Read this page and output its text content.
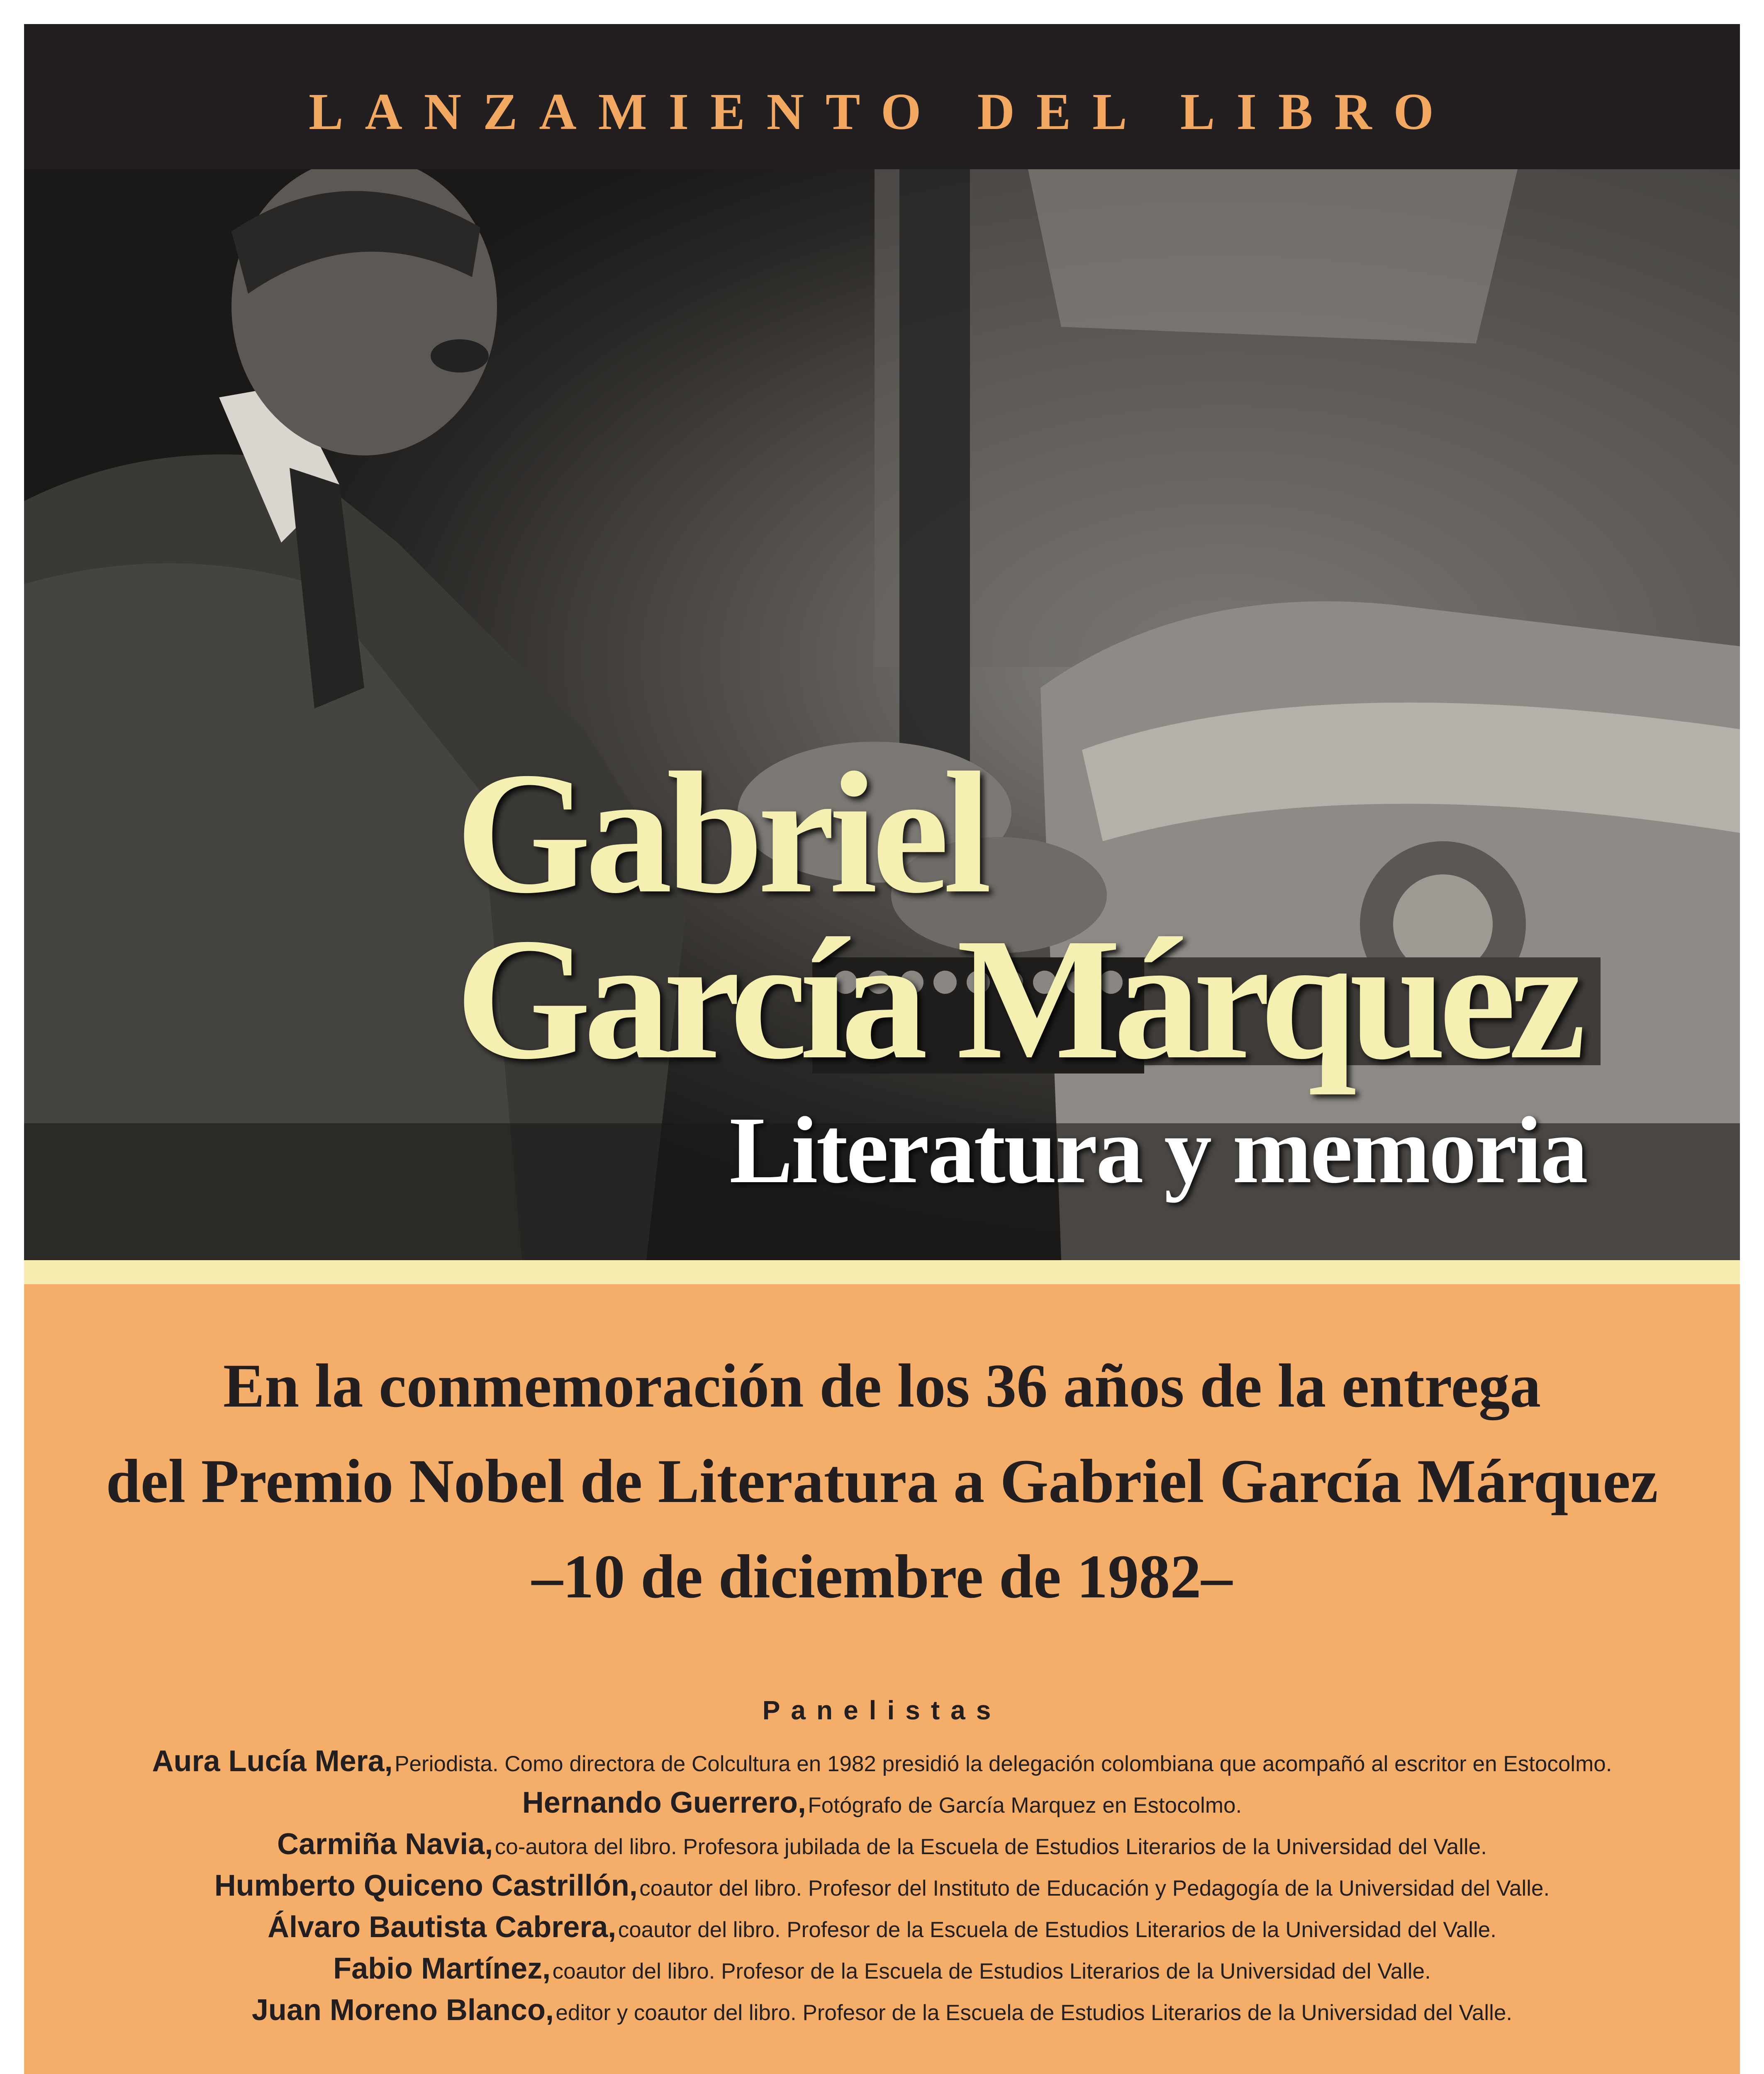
LANZAMIENTO DEL LIBRO
Gabriel
García Márquez
Literatura y memoria
En la conmemoración de los 36 años de la entrega
del Premio Nobel de Literatura a Gabriel García Márquez
–10 de diciembre de 1982–
Panelistas
Aura Lucía Mera, Periodista. Como directora de Colcultura en 1982 presidió la delegación colombiana que acompañó al escritor en Estocolmo.
Hernando Guerrero, Fotógrafo de García Marquez en Estocolmo.
Carmiña Navia, co-autora del libro. Profesora jubilada de la Escuela de Estudios Literarios de la Universidad del Valle.
Humberto Quiceno Castrillón, coautor del libro. Profesor del Instituto de Educación y Pedagogía de la Universidad del Valle.
Álvaro Bautista Cabrera, coautor del libro. Profesor de la Escuela de Estudios Literarios de la Universidad del Valle.
Fabio Martínez, coautor del libro. Profesor de la Escuela de Estudios Literarios de la Universidad del Valle.
Juan Moreno Blanco, editor y coautor del libro. Profesor de la Escuela de Estudios Literarios de la Universidad del Valle.
